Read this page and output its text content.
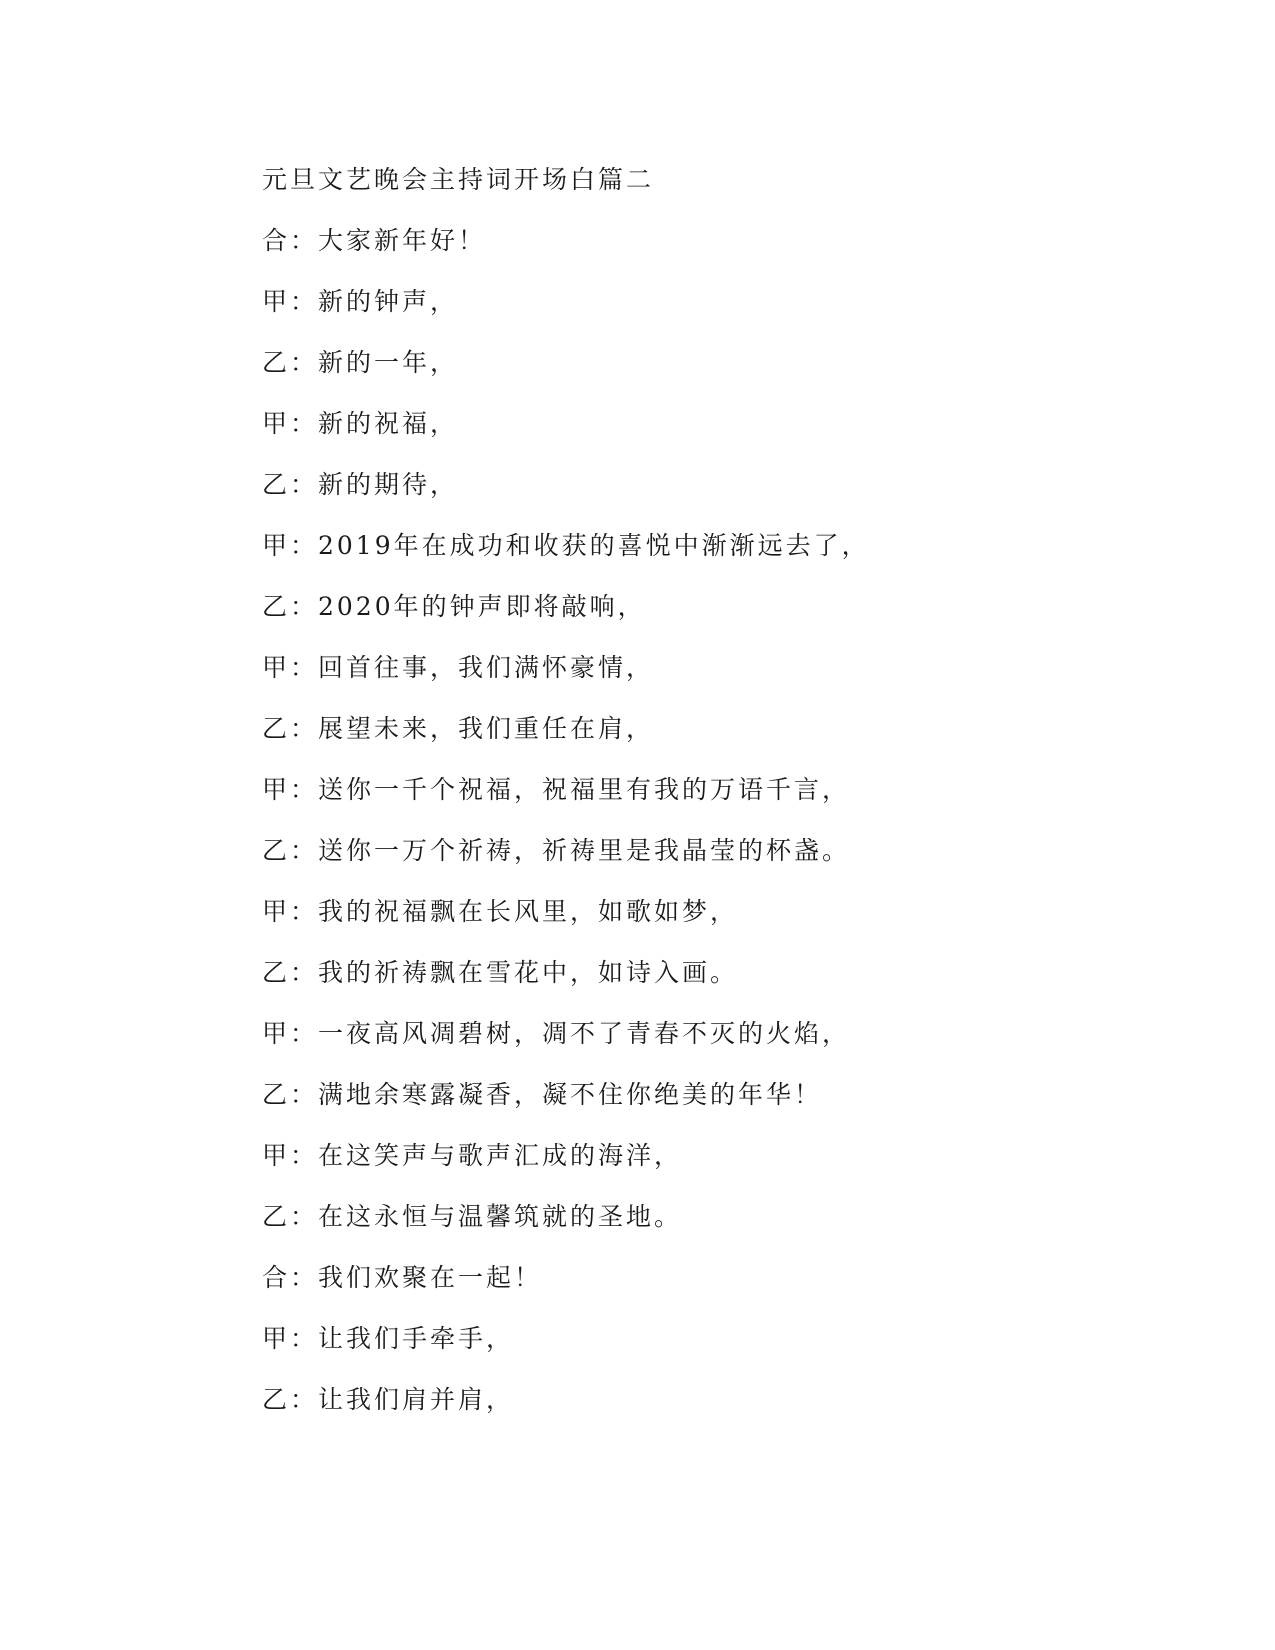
元旦文艺晚会主持词开场白篇二
合：大家新年好！
甲：新的钟声，
乙：新的一年，
甲：新的祝福，
乙：新的期待，
甲：2019年在成功和收获的喜悦中渐渐远去了，
乙：2020年的钟声即将敲响，
甲：回首往事，我们满怀豪情，
乙：展望未来，我们重任在肩，
甲：送你一千个祝福，祝福里有我的万语千言，
乙：送你一万个祈祷，祈祷里是我晶莹的杯盏。
甲：我的祝福飘在长风里，如歌如梦，
乙：我的祈祷飘在雪花中，如诗入画。
甲：一夜高风凋碧树，凋不了青春不灭的火焰，
乙：满地余寒露凝香，凝不住你绝美的年华！
甲：在这笑声与歌声汇成的海洋，
乙：在这永恒与温馨筑就的圣地。
合：我们欢聚在一起！
甲：让我们手牵手，
乙：让我们肩并肩，
